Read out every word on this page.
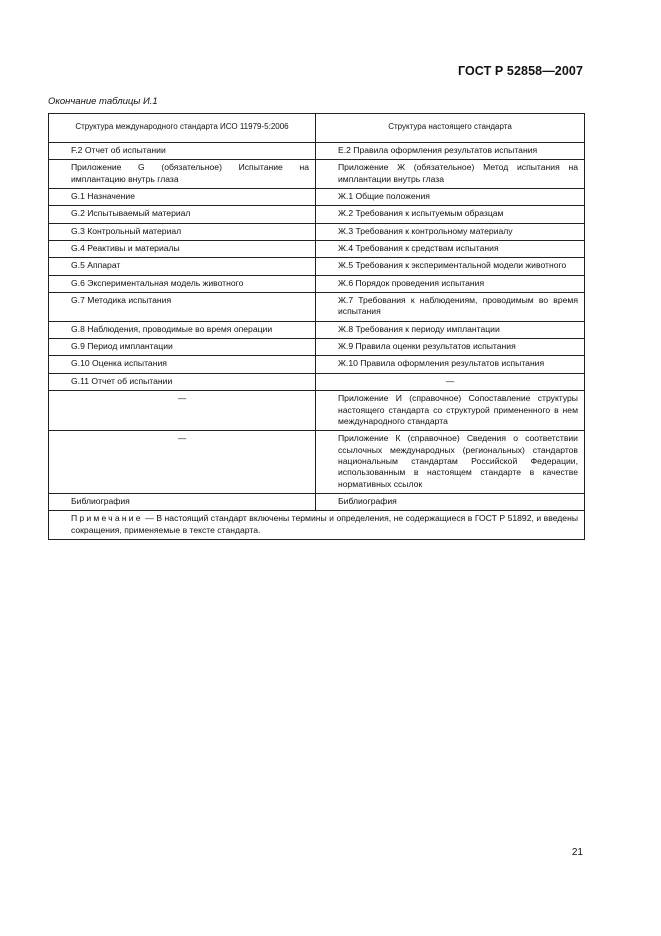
ГОСТ Р 52858—2007
Окончание таблицы И.1
Структура международного стандарта ИСО 11979-5:2006	Структура настоящего стандарта

F.2 Отчет об испытании	Е.2 Правила оформления результатов испытания

Приложение G (обязательное) Испытание на имплантацию внутрь глаза	Приложение Ж (обязательное) Метод испытания на имплантации внутрь глаза

G.1 Назначение	Ж.1 Общие положения

G.2 Испытываемый материал	Ж.2 Требования к испытуемым образцам

G.3 Контрольный материал	Ж.3 Требования к контрольному материалу

G.4 Реактивы и материалы	Ж.4 Требования к средствам испытания

G.5 Аппарат	Ж.5 Требования к экспериментальной модели животного

G.6 Экспериментальная модель животного	Ж.6 Порядок проведения испытания

G.7 Методика испытания	Ж.7 Требования к наблюдениям, проводимым во время испытания

G.8 Наблюдения, проводимые во время операции	Ж.8 Требования к периоду имплантации

G.9 Период имплантации	Ж.9 Правила оценки результатов испытания

G.10 Оценка испытания	Ж.10 Правила оформления результатов испытания

G.11 Отчет об испытании	—
—	Приложение И (справочное) Сопоставление структуры настоящего стандарта со структурой примененного в нем международного стандарта

—	Приложение К (справочное) Сведения о соответствии ссылочных международных (региональных) стандартов национальным стандартам Российской Федерации, использованным в настоящем стандарте в качестве нормативных ссылок

Библиография	Библиография

Примечание — В настоящий стандарт включены термины и определения, не содержащиеся в ГОСТ Р 51892, и введены сокращения, применяемые в тексте стандарта.	
21
